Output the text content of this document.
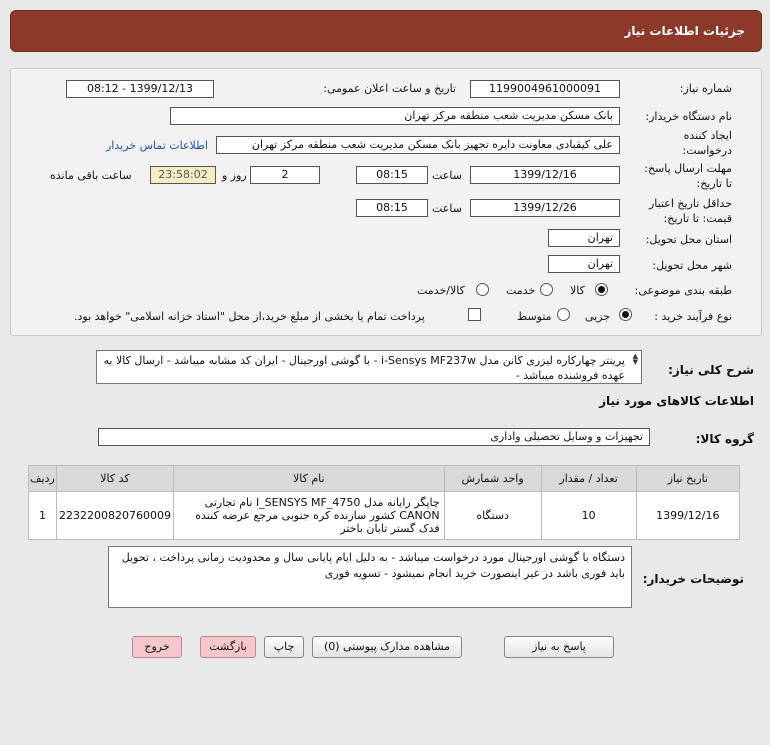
جزئیات اطلاعات نیاز
شماره نیاز:
1199004961000091
تاریخ و ساعت اعلان عمومی:
1399/12/13 - 08:12
نام دستگاه خریدار:
بانک مسکن مدیریت شعب منطقه مرکز تهران
ایجاد کننده
درخواست:
علی کیقبادی معاونت دایره تجهیز بانک مسکن مدیریت شعب منطقه مرکز تهران
اطلاعات تماس خریدار
مهلت ارسال پاسخ:
تا تاریخ:
1399/12/16
ساعت
08:15
2
روز و
23:58:02
ساعت باقی مانده
حداقل تاریخ اعتبار
قیمت: تا تاریخ:
1399/12/26
ساعت
08:15
استان محل تحویل:
تهران
شهر محل تحویل:
تهران
طبقه بندی موضوعی:
کالا
خدمت
کالا/خدمت
نوع فرآیند خرید :
جزیی
متوسط
پرداخت تمام یا بخشی از مبلغ خرید،از محل "اسناد خزانه اسلامی" خواهد بود.
شرح کلی نیاز:
▲
▼
پرینتر چهارکاره لیزری کانن مدل i-Sensys MF237w - با گوشی اورجینال - ایران کد مشابه میباشد - ارسال کالا به عهده فروشنده میباشد -
اطلاعات کالاهای مورد نیاز
گروه کالا:
تجهیزات و وسایل تحصیلی واداری
تاریخ نیاز	تعداد / مقدار	واحد شمارش	نام کالا	کد کالا	ردیف
1399/12/16	10	دستگاه	چاپگر رایانه مدل I_SENSYS MF_4750 نام تجارتی CANON کشور سازنده کره جنوبی مرجع عرضه کننده فدک گستر تابان باختر	2232200820760009	1
توضیحات خریدار:
دستگاه با گوشی اورجینال مورد درخواست میباشد - به دلیل ایام پایانی سال و محدودیت زمانی پرداخت ، تحویل باید فوری باشد در غیر اینصورت خرید انجام نمیشود - تسویه فوری
پاسخ به نیاز
مشاهده مدارک پیوستی (0)
چاپ
بازگشت
خروج
